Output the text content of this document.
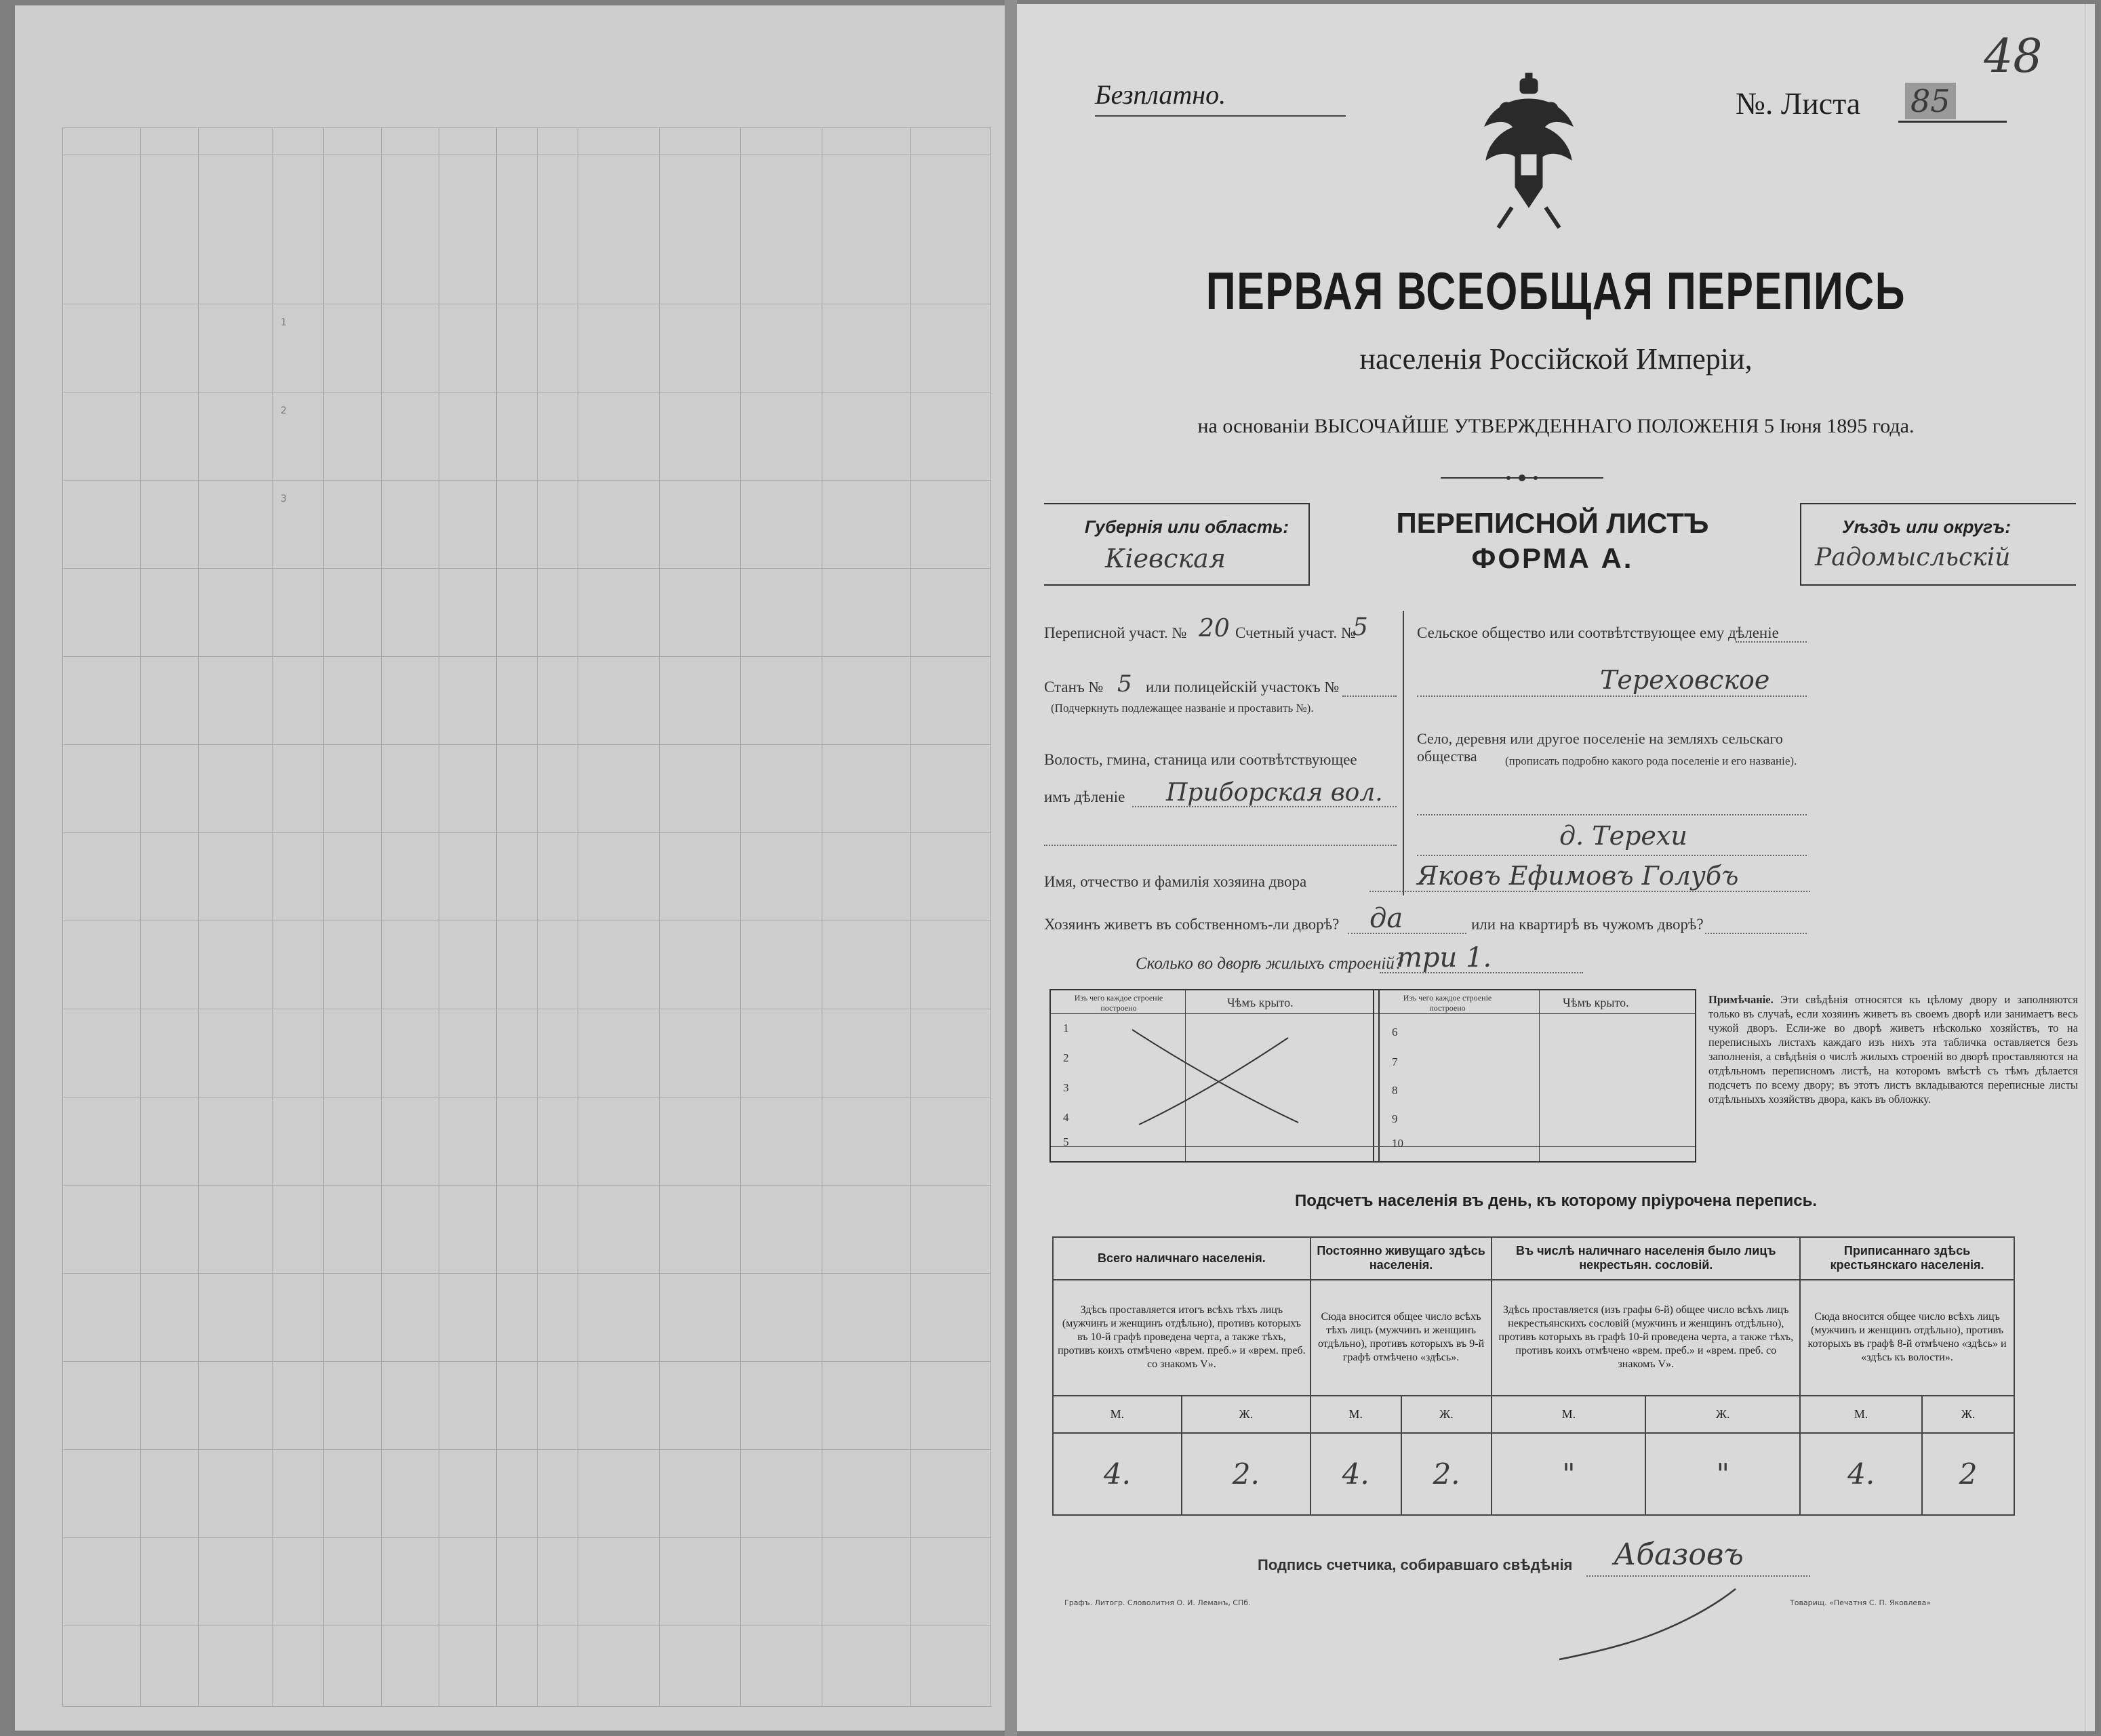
1
2
3
Безплатно.	№. Листа 85
48
ПЕРВАЯ ВСЕОБЩАЯ ПЕРЕПИСЬ
населенія Россійской Имперіи,
на основаніи ВЫСОЧАЙШЕ УТВЕРЖДЕННАГО ПОЛОЖЕНІЯ 5 Іюня 1895 года.
Губернія или область:
Кіевская
ПЕРЕПИСНОЙ ЛИСТЪ
ФОРМА А.
Уѣздъ или округъ:
Радомысльскій
Переписной участ. № 20 Счетный участ. №
5
Станъ № 5 или полицейскій участокъ №
(Подчеркнуть подлежащее названіе и проставить №).
Волость, гмина, станица или соотвѣтствующее
имъ дѣленіе Приборская вол.
Сельское общество или соотвѣтствующее ему дѣленіе
Тереховское
Село, деревня или другое поселеніе на земляхъ сельскаго общества	(прописать подробно какого рода поселеніе и его названіе).
д. Терехи
Имя, отчество и фамилія хозяина двора	Яковъ Ефимовъ Голубъ
Хозяинъ живетъ въ собственномъ-ли дворѣ? да	или на квартирѣ въ чужомъ дворѣ?
Сколько во дворѣ жилыхъ строеній?
три 1.
Изъ чего каждое строеніе построено	Чѣмъ крыто.	Изъ чего каждое строеніе построено	Чѣмъ крыто.
1
2
3
4
5
6
7
8
9
10
Примѣчаніе. Эти свѣдѣнія относятся къ цѣлому двору и заполняются только въ случаѣ, если хозяинъ живетъ въ своемъ дворѣ или занимаетъ весь чужой дворъ. Если-же во дворѣ живетъ нѣсколько хозяйствъ, то на переписныхъ листахъ каждаго изъ нихъ эта табличка оставляется безъ заполненія, а свѣдѣнія о числѣ жилыхъ строеній во дворѣ проставляются на отдѣльномъ переписномъ листѣ, на которомъ вмѣстѣ съ тѣмъ дѣлается подсчетъ по всему двору; въ этотъ листъ вкладываются переписные листы отдѣльныхъ хозяйствъ двора, какъ въ обложку.
Подсчетъ населенія въ день, къ которому пріурочена перепись.
Всего наличнаго населенія.		Постоянно живущаго здѣсь населенія.		Въ числѣ наличнаго населенія было лицъ некрестьян. сословій.		Приписаннаго здѣсь крестьянскаго населенія.	
Здѣсь проставляется итогъ всѣхъ тѣхъ лицъ (мужчинъ и женщинъ отдѣльно), противъ которыхъ въ 10-й графѣ проведена черта, а также тѣхъ, противъ коихъ отмѣчено «врем. преб.» и «врем. преб. со знакомъ V».		Сюда вносится общее число всѣхъ тѣхъ лицъ (мужчинъ и женщинъ отдѣльно), противъ которыхъ въ 9-й графѣ отмѣчено «здѣсь».		Здѣсь проставляется (изъ графы 6-й) общее число всѣхъ лицъ некрестьянскихъ сословій (мужчинъ и женщинъ отдѣльно), противъ которыхъ въ графѣ 10-й проведена черта, а также тѣхъ, противъ коихъ отмѣчено «врем. преб.» и «врем. преб. со знакомъ V».		Сюда вносится общее число всѣхъ лицъ (мужчинъ и женщинъ отдѣльно), противъ которыхъ въ графѣ 8-й отмѣчено «здѣсь» и «здѣсь къ волости».	
М.	Ж.	М.	Ж.	М.	Ж.	М.	Ж.
4.	2.	4.	2.	"	"	4.	2
Подпись счетчика, собиравшаго свѣдѣнія Абазовъ
Графъ. Литогр. Словолитня О. И. Леманъ, СПб.	Товарищ. «Печатня С. П. Яковлева»
